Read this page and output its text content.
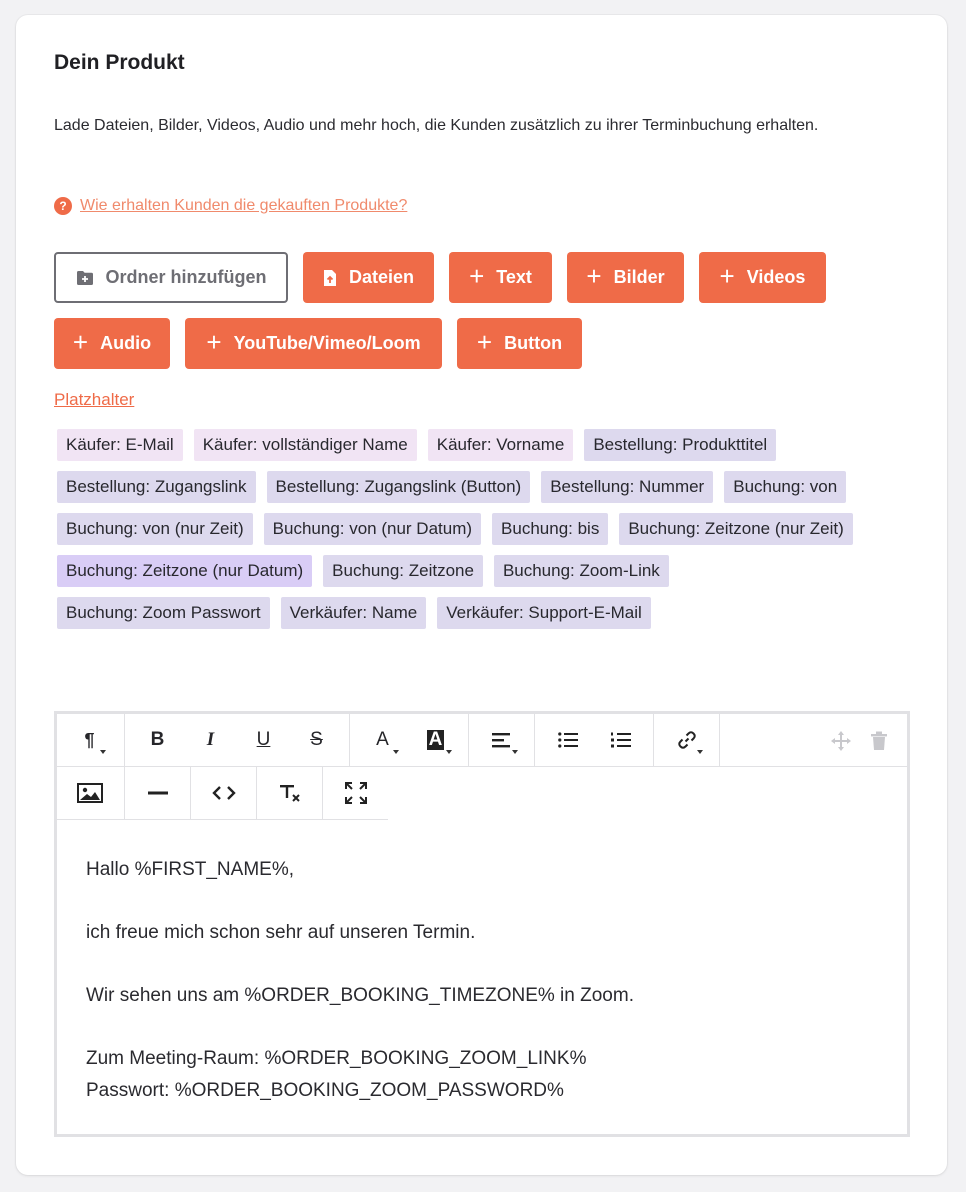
Dein Produkt
Lade Dateien, Bilder, Videos, Audio und mehr hoch, die Kunden zusätzlich zu ihrer Terminbuchung erhalten.
? Wie erhalten Kunden die gekauften Produkte?
Ordner hinzufügen	Dateien + Text + Bilder + Videos
+ Audio + YouTube/Vimeo/Loom + Button
Platzhalter
Käufer: E-Mail	Käufer: vollständiger Name	Käufer: Vorname	Bestellung: Produkttitel
Bestellung: Zugangslink	Bestellung: Zugangslink (Button)	Bestellung: Nummer	Buchung: von
Buchung: von (nur Zeit)	Buchung: von (nur Datum)	Buchung: bis	Buchung: Zeitzone (nur Zeit)
Buchung: Zeitzone (nur Datum)	Buchung: Zeitzone	Buchung: Zoom-Link
Buchung: Zoom Passwort	Verkäufer: Name	Verkäufer: Support-E-Mail
¶	B I U S	A A

Hallo %FIRST_NAME%,

ich freue mich schon sehr auf unseren Termin.

Wir sehen uns am %ORDER_BOOKING_TIMEZONE% in Zoom.

Zum Meeting-Raum: %ORDER_BOOKING_ZOOM_LINK%

Passwort: %ORDER_BOOKING_ZOOM_PASSWORD%
